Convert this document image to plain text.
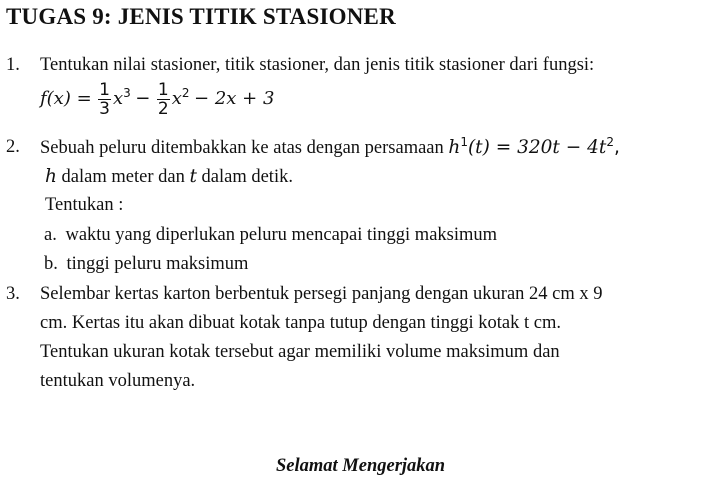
TUGAS 9: JENIS TITIK STASIONER
1. Tentukan nilai stasioner, titik stasioner, dan jenis titik stasioner dari fungsi:
$f(x) = \frac{1}{3} x^3 - \frac{1}{2} x^2 - 2x + 3$
2. Sebuah peluru ditembakkan ke atas dengan persamaan $h^1(t) = 320t - 4t^2$,
h dalam meter dan t dalam detik.
Tentukan :
a. waktu yang diperlukan peluru mencapai tinggi maksimum
b. tinggi peluru maksimum
3. Selembar kertas karton berbentuk persegi panjang dengan ukuran 24 cm x 9
cm. Kertas itu akan dibuat kotak tanpa tutup dengan tinggi kotak t cm.
Tentukan ukuran kotak tersebut agar memiliki volume maksimum dan
tentukan volumenya.
Selamat Mengerjakan
